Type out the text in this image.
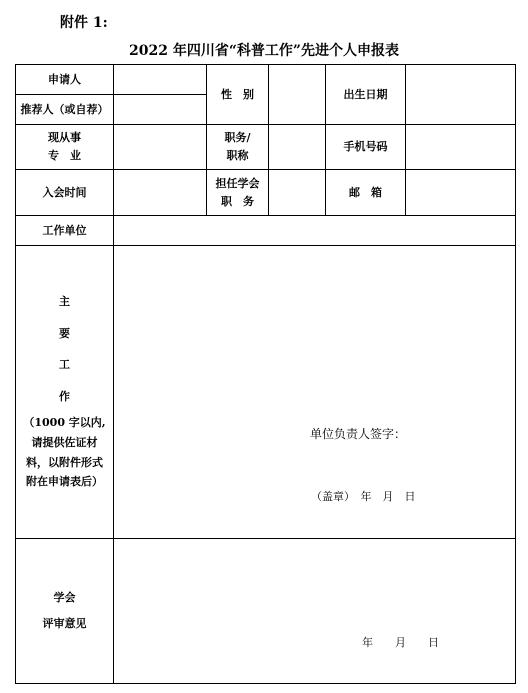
附件 1:
2022 年四川省“科普工作”先进个人申报表
申请人
推荐人（或自荐）
性　别	出生日期
现从事
专　业
职务/
职称
手机号码
入会时间
担任学会
职　务
邮　箱
工作单位
主
要
工
作
（1000 字以内,
请提供佐证材
料，以附件形式
附在申请表后）
单位负责人签字：
（盖章）　年　月　日
学会
评审意见
年　　月　　日
